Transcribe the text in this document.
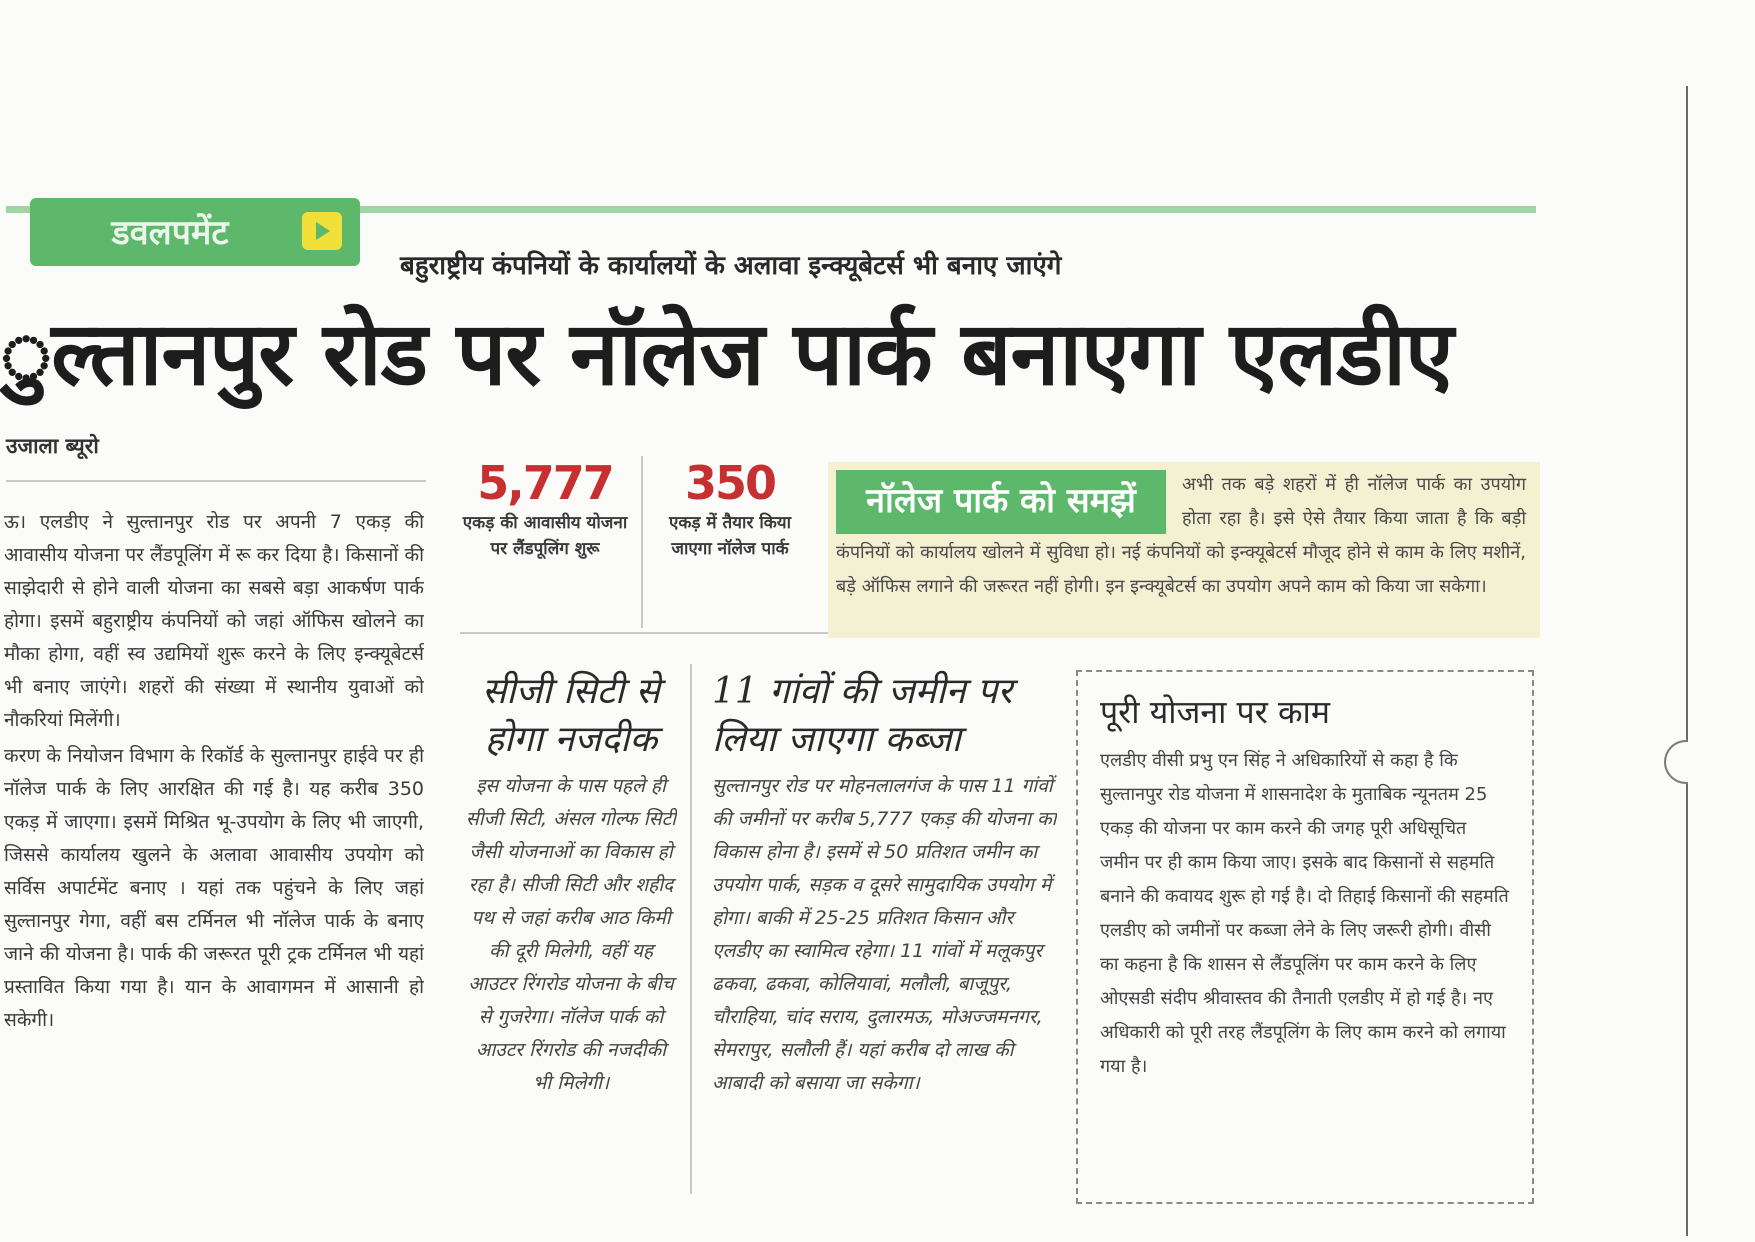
डवलपमेंट
बहुराष्ट्रीय कंपनियों के कार्यालयों के अलावा इन्क्यूबेटर्स भी बनाए जाएंगे
ुल्तानपुर रोड पर नॉलेज पार्क बनाएगा एलडीए
उजाला ब्यूरो

ऊ। एलडीए ने सुल्तानपुर रोड पर अपनी 7 एकड़ की आवासीय योजना पर लैंडपूलिंग में रू कर दिया है। किसानों की साझेदारी से होने वाली योजना का सबसे बड़ा आकर्षण पार्क होगा। इसमें बहुराष्ट्रीय कंपनियों को जहां ऑफिस खोलने का मौका होगा, वहीं स्व उद्यमियों शुरू करने के लिए इन्क्यूबेटर्स भी बनाए जाएंगे। शहरों की संख्या में स्थानीय युवाओं को नौकरियां मिलेंगी।

करण के नियोजन विभाग के रिकॉर्ड के सुल्तानपुर हाईवे पर ही नॉलेज पार्क के लिए आरक्षित की गई है। यह करीब 350 एकड़ में जाएगा। इसमें मिश्रित भू-उपयोग के लिए भी जाएगी, जिससे कार्यालय खुलने के अलावा आवासीय उपयोग को सर्विस अपार्टमेंट बनाए । यहां तक पहुंचने के लिए जहां सुल्तानपुर गेगा, वहीं बस टर्मिनल भी नॉलेज पार्क के बनाए जाने की योजना है। पार्क की जरूरत पूरी ट्रक टर्मिनल भी यहां प्रस्तावित किया गया है। यान के आवागमन में आसानी हो सकेगी।

5,777
एकड़ की आवासीय योजना पर लैंडपूलिंग शुरू
350
एकड़ में तैयार किया जाएगा नॉलेज पार्क
नॉलेज पार्क को समझें	अभी तक बड़े शहरों में ही नॉलेज पार्क का उपयोग होता रहा है। इसे ऐसे तैयार किया जाता है कि बड़ी कंपनियों को कार्यालय खोलने में सुविधा हो। नई कंपनियों को इन्क्यूबेटर्स मौजूद होने से काम के लिए मशीनें, बड़े ऑफिस लगाने की जरूरत नहीं होगी। इन इन्क्यूबेटर्स का उपयोग अपने काम को किया जा सकेगा।
सीजी सिटी से होगा नजदीक
इस योजना के पास पहले ही सीजी सिटी, अंसल गोल्फ सिटी जैसी योजनाओं का विकास हो रहा है। सीजी सिटी और शहीद पथ से जहां करीब आठ किमी की दूरी मिलेगी, वहीं यह आउटर रिंगरोड योजना के बीच से गुजरेगा। नॉलेज पार्क को आउटर रिंगरोड की नजदीकी भी मिलेगी।
11 गांवों की जमीन पर लिया जाएगा कब्जा
सुल्तानपुर रोड पर मोहनलालगंज के पास 11 गांवों की जमीनों पर करीब 5,777 एकड़ की योजना का विकास होना है। इसमें से 50 प्रतिशत जमीन का उपयोग पार्क, सड़क व दूसरे सामुदायिक उपयोग में होगा। बाकी में 25-25 प्रतिशत किसान और एलडीए का स्वामित्व रहेगा। 11 गांवों में मलूकपुर ढकवा, ढकवा, कोलियावां, मलौली, बाजूपुर, चौराहिया, चांद सराय, दुलारमऊ, मोअज्जमनगर, सेमरापुर, सलौली हैं। यहां करीब दो लाख की आबादी को बसाया जा सकेगा।
पूरी योजना पर काम
एलडीए वीसी प्रभु एन सिंह ने अधिकारियों से कहा है कि सुल्तानपुर रोड योजना में शासनादेश के मुताबिक न्यूनतम 25 एकड़ की योजना पर काम करने की जगह पूरी अधिसूचित जमीन पर ही काम किया जाए। इसके बाद किसानों से सहमति बनाने की कवायद शुरू हो गई है। दो तिहाई किसानों की सहमति एलडीए को जमीनों पर कब्जा लेने के लिए जरूरी होगी। वीसी का कहना है कि शासन से लैंडपूलिंग पर काम करने के लिए ओएसडी संदीप श्रीवास्तव की तैनाती एलडीए में हो गई है। नए अधिकारी को पूरी तरह लैंडपूलिंग के लिए काम करने को लगाया गया है।
